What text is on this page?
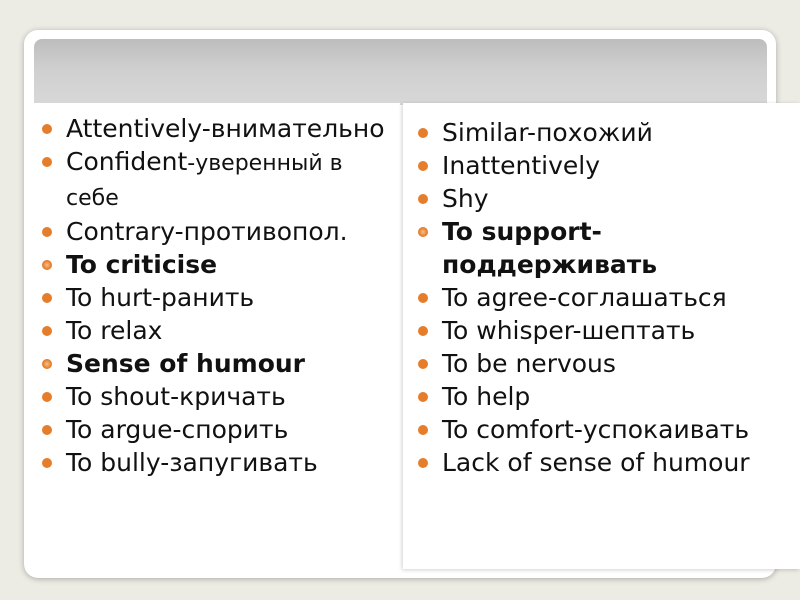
Attentively-внимательно
Confident-уверенный в себе
Contrary-противопол.
To criticise
To hurt-ранить
To relax
Sense of humour
To shout-кричать
To argue-спорить
To bully-запугивать
Similar-похожий
Inattentively
Shy
To support-поддерживать
To agree-соглашаться
To whisper-шептать
To be nervous
To help
To comfort-успокаивать
Lack of sense of humour
